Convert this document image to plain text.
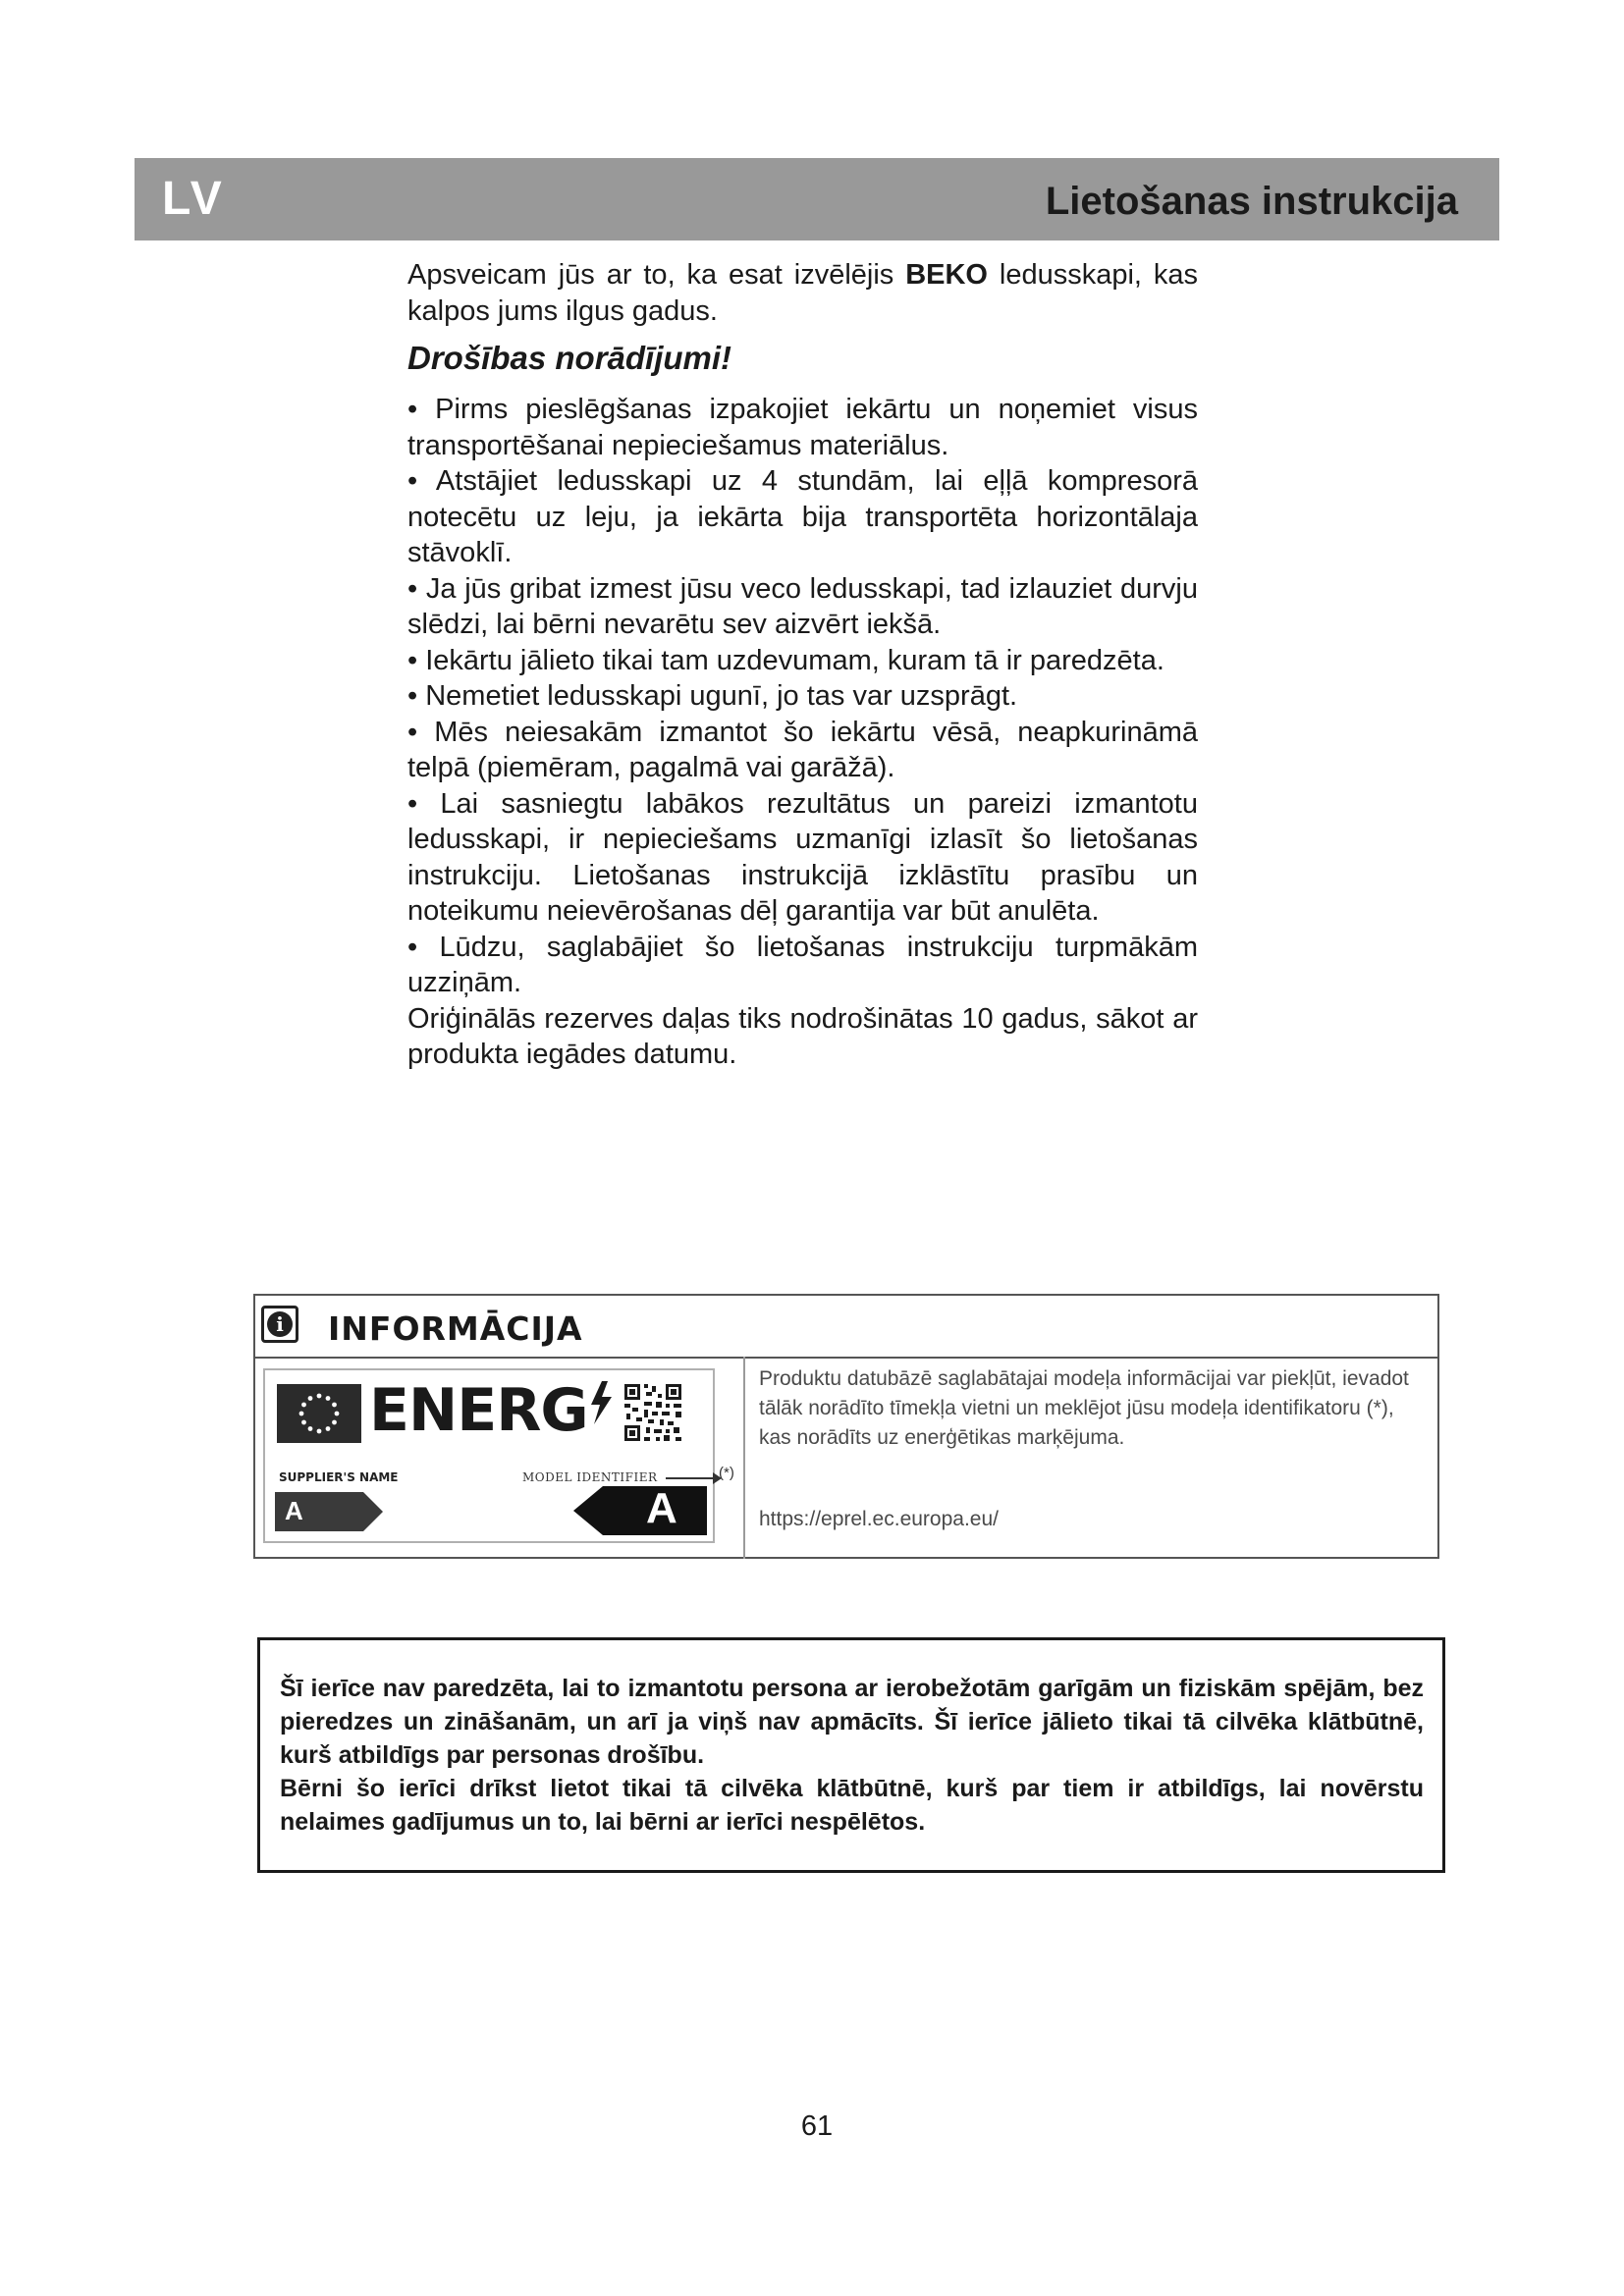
LV	Lietošanas instrukcija

Apsveicam jūs ar to, ka esat izvēlējis BEKO ledusskapi, kas kalpos jums ilgus gadus.

Drošības norādījumi!

• Pirms pieslēgšanas izpakojiet iekārtu un noņemiet visus transportēšanai nepieciešamus materiālus.

• Atstājiet ledusskapi uz 4 stundām, lai eļļā kompresorā notecētu uz leju, ja iekārta bija transportēta horizontālaja stāvoklī.

• Ja jūs gribat izmest jūsu veco ledusskapi, tad izlauziet durvju slēdzi, lai bērni nevarētu sev aizvērt iekšā.

• Iekārtu jālieto tikai tam uzdevumam, kuram tā ir paredzēta.

• Nemetiet ledusskapi ugunī, jo tas var uzsprāgt.

• Mēs neiesakām izmantot šo iekārtu vēsā, neapkurināmā telpā (piemēram, pagalmā vai garāžā).

• Lai sasniegtu labākos rezultātus un pareizi izmantotu ledusskapi, ir nepieciešams uzmanīgi izlasīt šo lietošanas instrukciju. Lietošanas instrukcijā izklāstītu prasību un noteikumu neievērošanas dēļ garantija var būt anulēta.

• Lūdzu, saglabājiet šo lietošanas instrukciju turpmākām uzziņām.

Oriģinālās rezerves daļas tiks nodrošinātas 10 gadus, sākot ar produkta iegādes datumu.

i INFORMĀCIJA
ENERG
SUPPLIER'S NAME	MODEL IDENTIFIER
A	A
(*)
Produktu datubāzē saglabātajai modeļa informācijai var piekļūt, ievadot tālāk norādīto tīmekļa vietni un meklējot jūsu modeļa identifikatoru (*), kas norādīts uz enerģētikas marķējuma.
https://eprel.ec.europa.eu/

Šī ierīce nav paredzēta, lai to izmantotu persona ar ierobežotām garīgām un fiziskām spējām, bez pieredzes un zināšanām, un arī ja viņš nav apmācīts. Šī ierīce jālieto tikai tā cilvēka klātbūtnē, kurš atbildīgs par personas drošību.

Bērni šo ierīci drīkst lietot tikai tā cilvēka klātbūtnē, kurš par tiem ir atbildīgs, lai novērstu nelaimes gadījumus un to, lai bērni ar ierīci nespēlētos.

61
